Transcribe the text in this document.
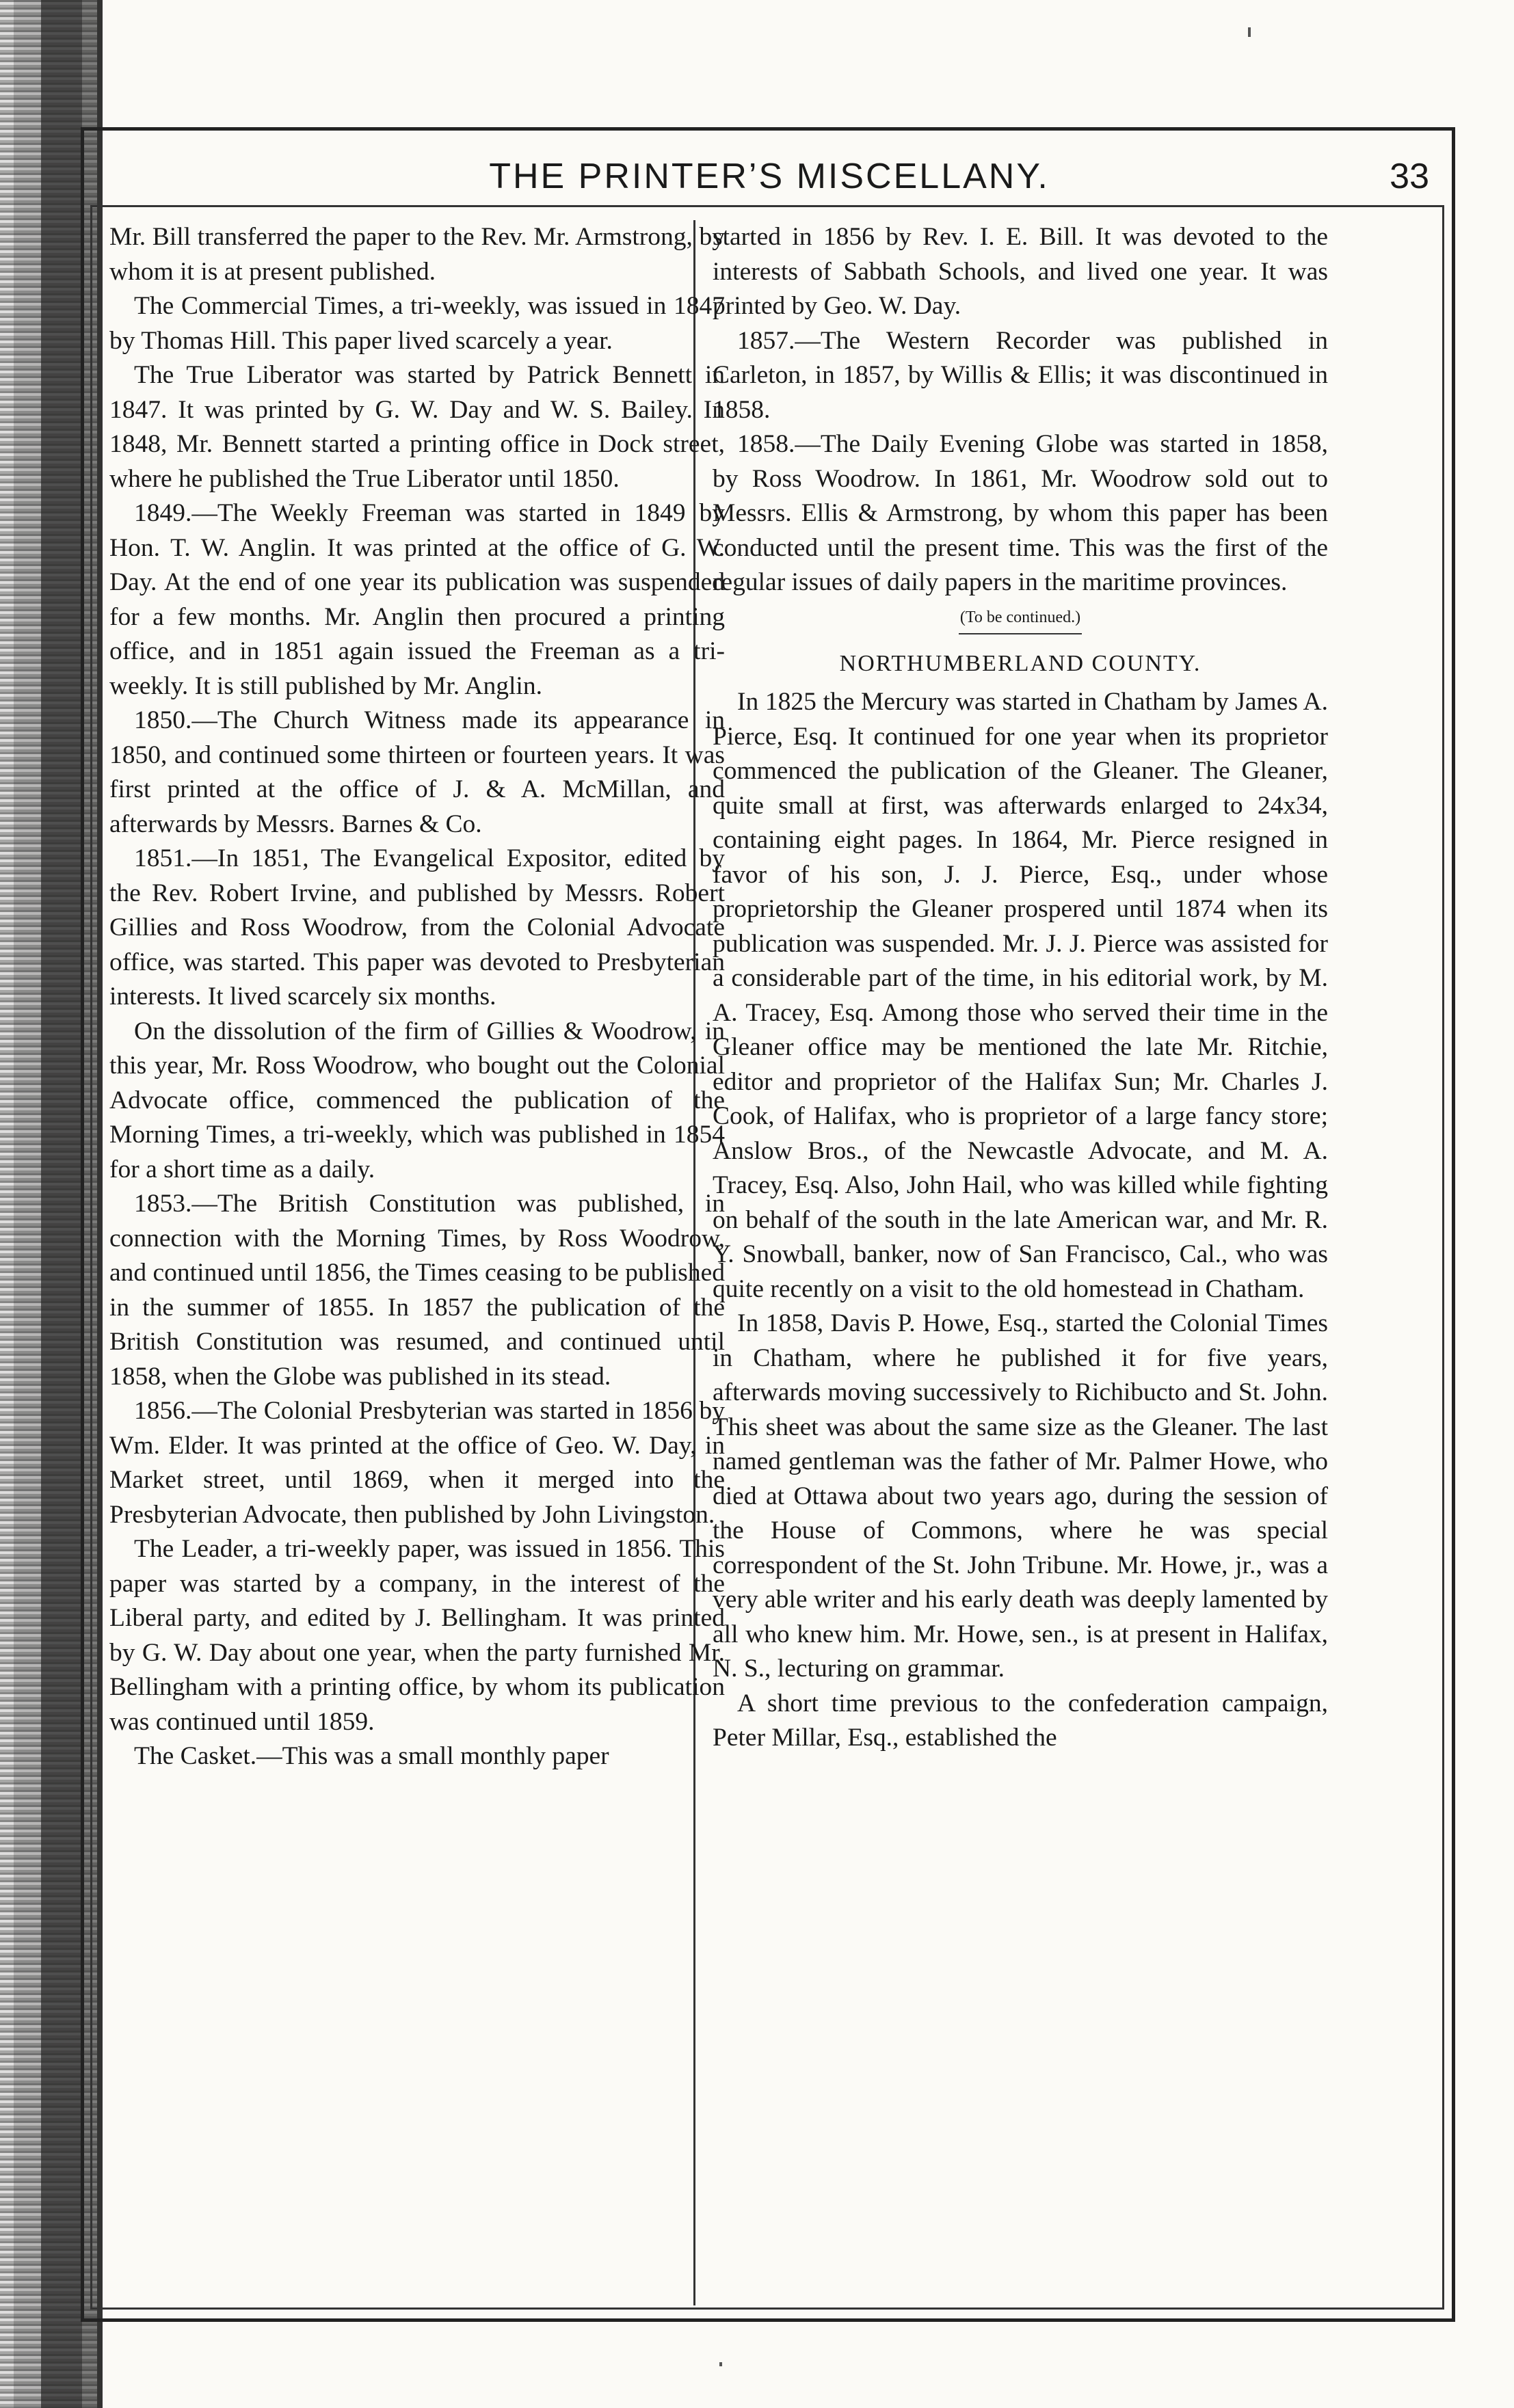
THE PRINTER’S MISCELLANY.	33

Mr. Bill transferred the paper to the Rev. Mr. Armstrong, by whom it is at present published.

The Commercial Times, a tri-weekly, was issued in 1847 by Thomas Hill. This paper lived scarcely a year.

The True Liberator was started by Patrick Bennett in 1847. It was printed by G. W. Day and W. S. Bailey. In 1848, Mr. Bennett started a printing office in Dock street, where he published the True Liberator until 1850.

1849.—The Weekly Freeman was started in 1849 by Hon. T. W. Anglin. It was printed at the office of G. W. Day. At the end of one year its publication was suspended for a few months. Mr. Anglin then procured a printing office, and in 1851 again issued the Freeman as a tri-weekly. It is still published by Mr. Anglin.

1850.—The Church Witness made its appearance in 1850, and continued some thirteen or fourteen years. It was first printed at the office of J. & A. McMillan, and afterwards by Messrs. Barnes & Co.

1851.—In 1851, The Evangelical Expositor, edited by the Rev. Robert Irvine, and published by Messrs. Robert Gillies and Ross Woodrow, from the Colonial Advocate office, was started. This paper was devoted to Presbyterian interests. It lived scarcely six months.

On the dissolution of the firm of Gillies & Woodrow, in this year, Mr. Ross Woodrow, who bought out the Colonial Advocate office, commenced the publication of the Morning Times, a tri-weekly, which was published in 1854 for a short time as a daily.

1853.—The British Constitution was published, in connection with the Morning Times, by Ross Woodrow, and continued until 1856, the Times ceasing to be published in the summer of 1855. In 1857 the publication of the British Constitution was resumed, and continued until 1858, when the Globe was published in its stead.

1856.—The Colonial Presbyterian was started in 1856 by Wm. Elder. It was printed at the office of Geo. W. Day, in Market street, until 1869, when it merged into the Presbyterian Advocate, then published by John Livingston.

The Leader, a tri-weekly paper, was issued in 1856. This paper was started by a company, in the interest of the Liberal party, and edited by J. Bellingham. It was printed by G. W. Day about one year, when the party furnished Mr. Bellingham with a printing office, by whom its publication was continued until 1859.

The Casket.—This was a small monthly paper

started in 1856 by Rev. I. E. Bill. It was devoted to the interests of Sabbath Schools, and lived one year. It was printed by Geo. W. Day.

1857.—The Western Recorder was published in Carleton, in 1857, by Willis & Ellis; it was discontinued in 1858.

1858.—The Daily Evening Globe was started in 1858, by Ross Woodrow. In 1861, Mr. Woodrow sold out to Messrs. Ellis & Armstrong, by whom this paper has been conducted until the present time. This was the first of the regular issues of daily papers in the maritime provinces.

(To be continued.)

NORTHUMBERLAND COUNTY.

In 1825 the Mercury was started in Chatham by James A. Pierce, Esq. It continued for one year when its proprietor commenced the publication of the Gleaner. The Gleaner, quite small at first, was afterwards enlarged to 24x34, containing eight pages. In 1864, Mr. Pierce resigned in favor of his son, J. J. Pierce, Esq., under whose proprietorship the Gleaner prospered until 1874 when its publication was suspended. Mr. J. J. Pierce was assisted for a considerable part of the time, in his editorial work, by M. A. Tracey, Esq. Among those who served their time in the Gleaner office may be mentioned the late Mr. Ritchie, editor and proprietor of the Halifax Sun; Mr. Charles J. Cook, of Halifax, who is proprietor of a large fancy store; Anslow Bros., of the Newcastle Advocate, and M. A. Tracey, Esq. Also, John Hail, who was killed while fighting on behalf of the south in the late American war, and Mr. R. Y. Snowball, banker, now of San Francisco, Cal., who was quite recently on a visit to the old homestead in Chatham.

In 1858, Davis P. Howe, Esq., started the Colonial Times in Chatham, where he published it for five years, afterwards moving successively to Richibucto and St. John. This sheet was about the same size as the Gleaner. The last named gentleman was the father of Mr. Palmer Howe, who died at Ottawa about two years ago, during the session of the House of Commons, where he was special correspondent of the St. John Tribune. Mr. Howe, jr., was a very able writer and his early death was deeply lamented by all who knew him. Mr. Howe, sen., is at present in Halifax, N. S., lecturing on grammar.

A short time previous to the confederation campaign, Peter Millar, Esq., established the
